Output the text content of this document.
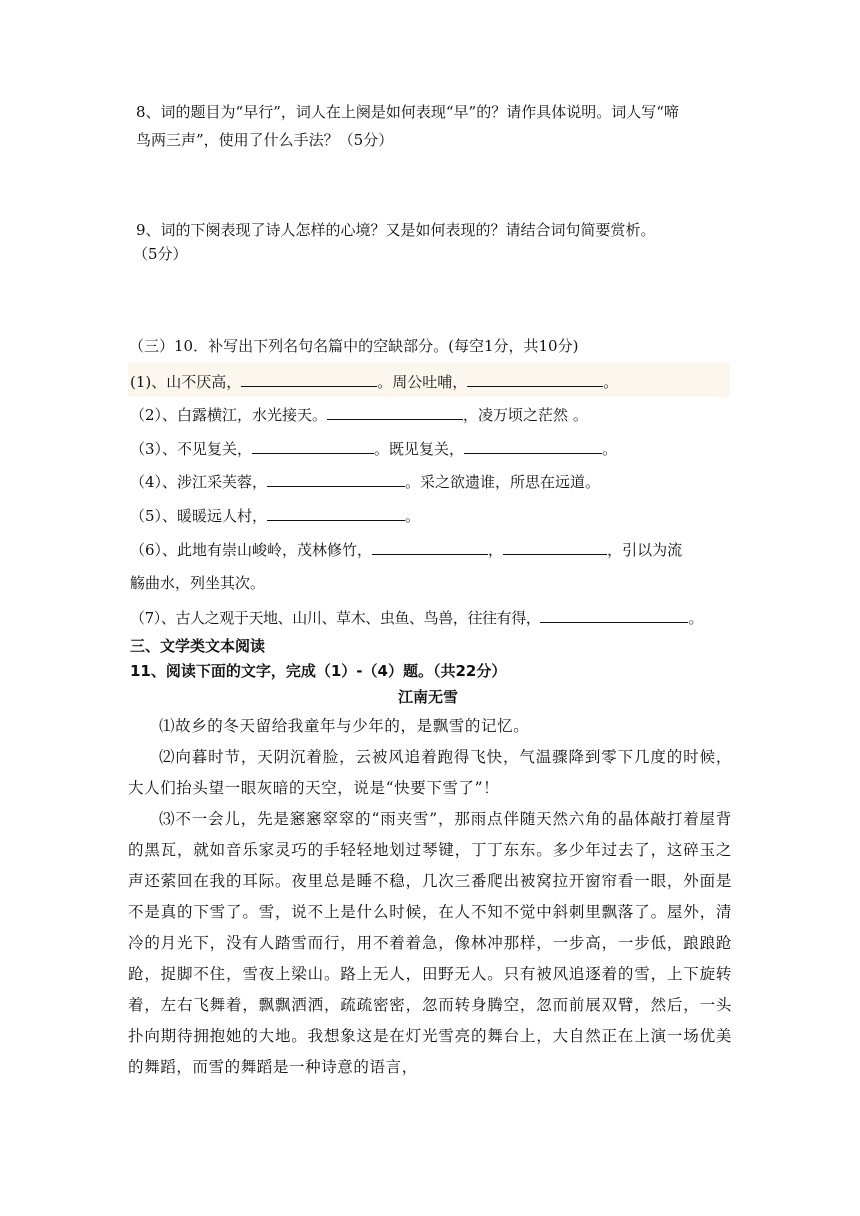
8、词的题目为“早行”，词人在上阕是如何表现“早”的？请作具体说明。词人写“啼
鸟两三声”，使用了什么手法？（5分）
9、词的下阕表现了诗人怎样的心境？又是如何表现的？请结合词句简要赏析。
（5分）
（三）10．补写出下列名句名篇中的空缺部分。(每空1分，共10分)
(1)、山不厌高，	。周公吐哺，	。
（2）、白露横江，水光接天。	，凌万顷之茫然 。
（3）、不见复关，	。既见复关，	。
（4）、涉江采芙蓉，	。采之欲遗谁，所思在远道。
（5）、暖暖远人村，	。
（6）、此地有崇山峻岭，茂林修竹，	，	，引以为流
觞曲水，列坐其次。
（7）、古人之观于天地、山川、草木、虫鱼、鸟兽，往往有得，	。
三、文学类文本阅读
11、阅读下面的文字，完成（1）-（4）题。（共22分）
江南无雪

⑴故乡的冬天留给我童年与少年的，是飘雪的记忆。

⑵向暮时节，天阴沉着脸，云被风追着跑得飞快，气温骤降到零下几度的时候，大人们抬头望一眼灰暗的天空，说是“快要下雪了”！

⑶不一会儿，先是窸窸窣窣的“雨夹雪”，那雨点伴随天然六角的晶体敲打着屋背的黑瓦，就如音乐家灵巧的手轻轻地划过琴键，丁丁东东。多少年过去了，这碎玉之声还萦回在我的耳际。夜里总是睡不稳，几次三番爬出被窝拉开窗帘看一眼，外面是不是真的下雪了。雪，说不上是什么时候，在人不知不觉中斜刺里飘落了。屋外，清冷的月光下，没有人踏雪而行，用不着着急，像林冲那样，一步高，一步低，踉踉跄跄，捉脚不住，雪夜上梁山。路上无人，田野无人。只有被风追逐着的雪，上下旋转着，左右飞舞着，飘飘洒洒，疏疏密密，忽而转身腾空，忽而前展双臂，然后，一头扑向期待拥抱她的大地。我想象这是在灯光雪亮的舞台上，大自然正在上演一场优美的舞蹈，而雪的舞蹈是一种诗意的语言，
